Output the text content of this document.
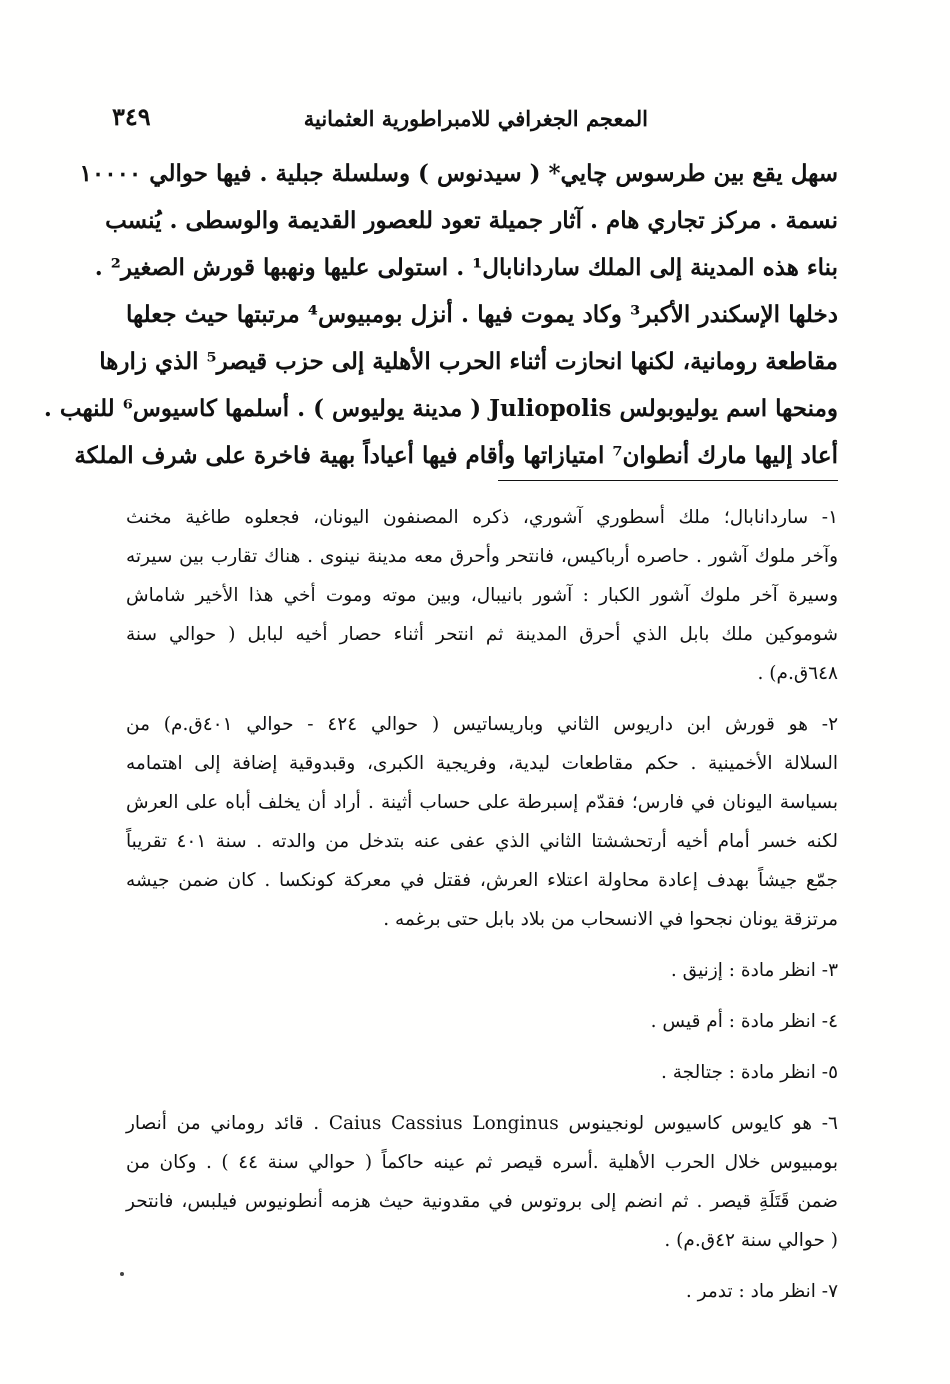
المعجم الجغرافي للامبراطورية العثمانية
٣٤٩
سهل يقع بين طرسوس چايي* ( سيدنوس ) وسلسلة جبلية . فيها حوالي ١٠٠٠٠
نسمة . مركز تجاري هام . آثار جميلة تعود للعصور القديمة والوسطى . يُنسب
بناء هذه المدينة إلى الملك ساردانابال¹ . استولى عليها ونهبها قورش الصغير² .
دخلها الإسكندر الأكبر³ وكاد يموت فيها . أنزل بومبيوس⁴ مرتبتها حيث جعلها
مقاطعة رومانية، لكنها انحازت أثناء الحرب الأهلية إلى حزب قيصر⁵ الذي زارها
ومنحها اسم يوليوبولس Juliopolis ( مدينة يوليوس ) . أسلمها كاسيوس⁶ للنهب .
أعاد إليها مارك أنطوان⁷ امتيازاتها وأقام فيها أعياداً بهية فاخرة على شرف الملكة
١- ساردانابال؛ ملك أسطوري آشوري، ذكره المصنفون اليونان، فجعلوه طاغية مخنث
وآخر ملوك آشور . حاصره أرباكيس، فانتحر وأحرق معه مدينة نينوى . هناك تقارب بين سيرته
وسيرة آخر ملوك آشور الكبار : آشور بانيبال، وبين موته وموت أخي هذا الأخير شاماش
شوموكين ملك بابل الذي أحرق المدينة ثم انتحر أثناء حصار أخيه لبابل ( حوالي سنة
٦٤٨ق.م) .
٢- هو قورش ابن داريوس الثاني وباريساتيس ( حوالي ٤٢٤ - حوالي ٤٠١ق.م) من
السلالة الأخمينية . حكم مقاطعات ليدية، وفريجية الكبرى، وقبدوقية إضافة إلى اهتمامه
بسياسة اليونان في فارس؛ فقدّم إسبرطة على حساب أثينة . أراد أن يخلف أباه على العرش
لكنه خسر أمام أخيه أرتحششتا الثاني الذي عفى عنه بتدخل من والدته . سنة ٤٠١ تقريباً
جمّع جيشاً بهدف إعادة محاولة اعتلاء العرش، فقتل في معركة كونكسا . كان ضمن جيشه
مرتزقة يونان نجحوا في الانسحاب من بلاد بابل حتى برغمه .
٣- انظر مادة : إزنيق .
٤- انظر مادة : أم قيس .
٥- انظر مادة : جتالجة .
٦- هو كايوس كاسيوس لونجينوس Caius Cassius Longinus . قائد روماني من أنصار
بومبيوس خلال الحرب الأهلية .أسره قيصر ثم عينه حاكماً ( حوالي سنة ٤٤ ) . وكان من
ضمن قَتَلَةِ قيصر . ثم انضم إلى بروتوس في مقدونية حيث هزمه أنطونيوس فيلبس، فانتحر
( حوالي سنة ٤٢ق.م) .
٧- انظر ماد : تدمر .
